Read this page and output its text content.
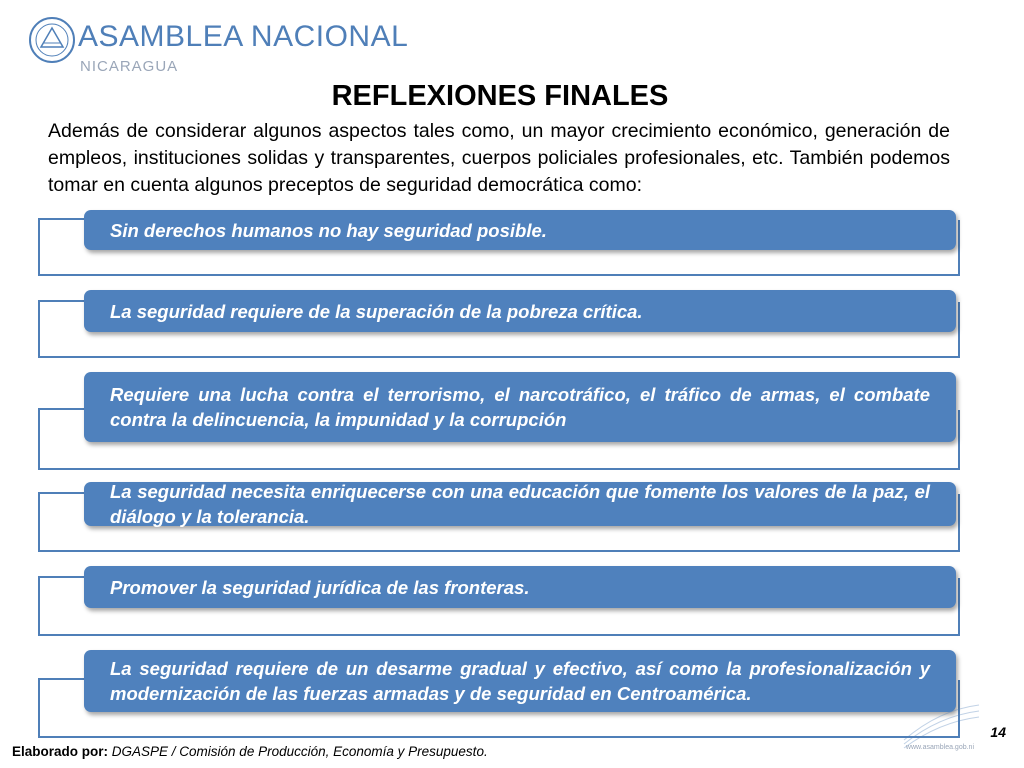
ASAMBLEA NACIONAL
NICARAGUA
REFLEXIONES FINALES
Además de considerar algunos aspectos tales como, un mayor crecimiento económico, generación de empleos, instituciones solidas y transparentes, cuerpos policiales profesionales, etc. También podemos tomar en cuenta algunos preceptos de seguridad democrática como:
Sin derechos humanos no hay seguridad posible.
La seguridad requiere de la superación de la pobreza crítica.
Requiere una lucha contra el terrorismo, el narcotráfico, el tráfico de armas, el combate contra la delincuencia, la impunidad y la corrupción
La seguridad necesita enriquecerse con una educación que fomente los valores de la paz, el diálogo y la tolerancia.
Promover la seguridad jurídica de las fronteras.
La seguridad requiere de un desarme gradual y efectivo, así como la profesionalización y modernización de las fuerzas armadas y de seguridad en Centroamérica.
14
Elaborado por: DGASPE / Comisión de Producción, Economía y Presupuesto.	www.asamblea.gob.ni
